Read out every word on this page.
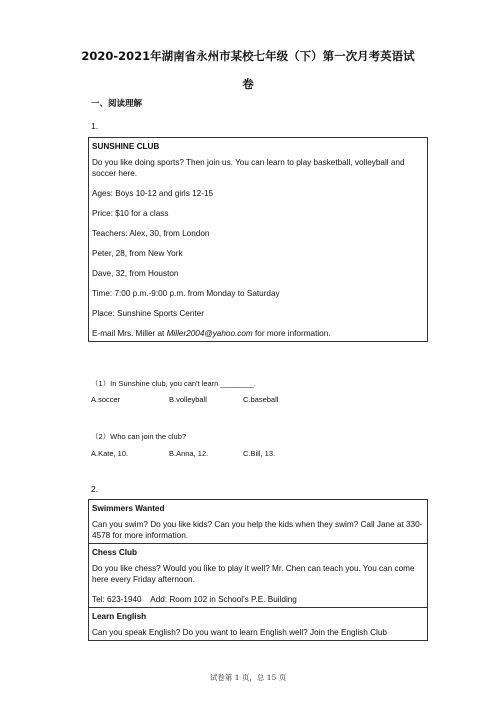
2020-2021年湖南省永州市某校七年级（下）第一次月考英语试
卷
一、阅读理解
1.

SUNSHINE CLUB

Do you like doing sports? Then join us. You can learn to play basketball, volleyball and soccer here.

Ages: Boys 10-12 and girls 12-15

Price: $10 for a class

Teachers: Alex, 30, from London

Peter, 28, from New York

Dave, 32, from Houston

Time: 7:00 p.m.-9:00 p.m. from Monday to Saturday

Place: Sunshine Sports Center

E-mail Mrs. Miller at Miller2004@yahoo.com for more information.

（1）In Sunshine club, you can't learn ________.
A.soccer	B.volleyball	C.baseball
（2）Who can join the club?
A.Kate, 10.	B.Anna, 12.	C.Bill, 13.
2.

Swimmers Wanted

Can you swim? Do you like kids? Can you help the kids when they swim? Call Jane at 330-4578 for more information.

Chess Club

Do you like chess? Would you like to play it well? Mr. Chen can teach you. You can come here every Friday afternoon.

Tel: 623-1940    Add: Room 102 in School's P.E. Building

Learn English

Can you speak English? Do you want to learn English well? Join the English Club

试卷第 1 页，总 15 页
